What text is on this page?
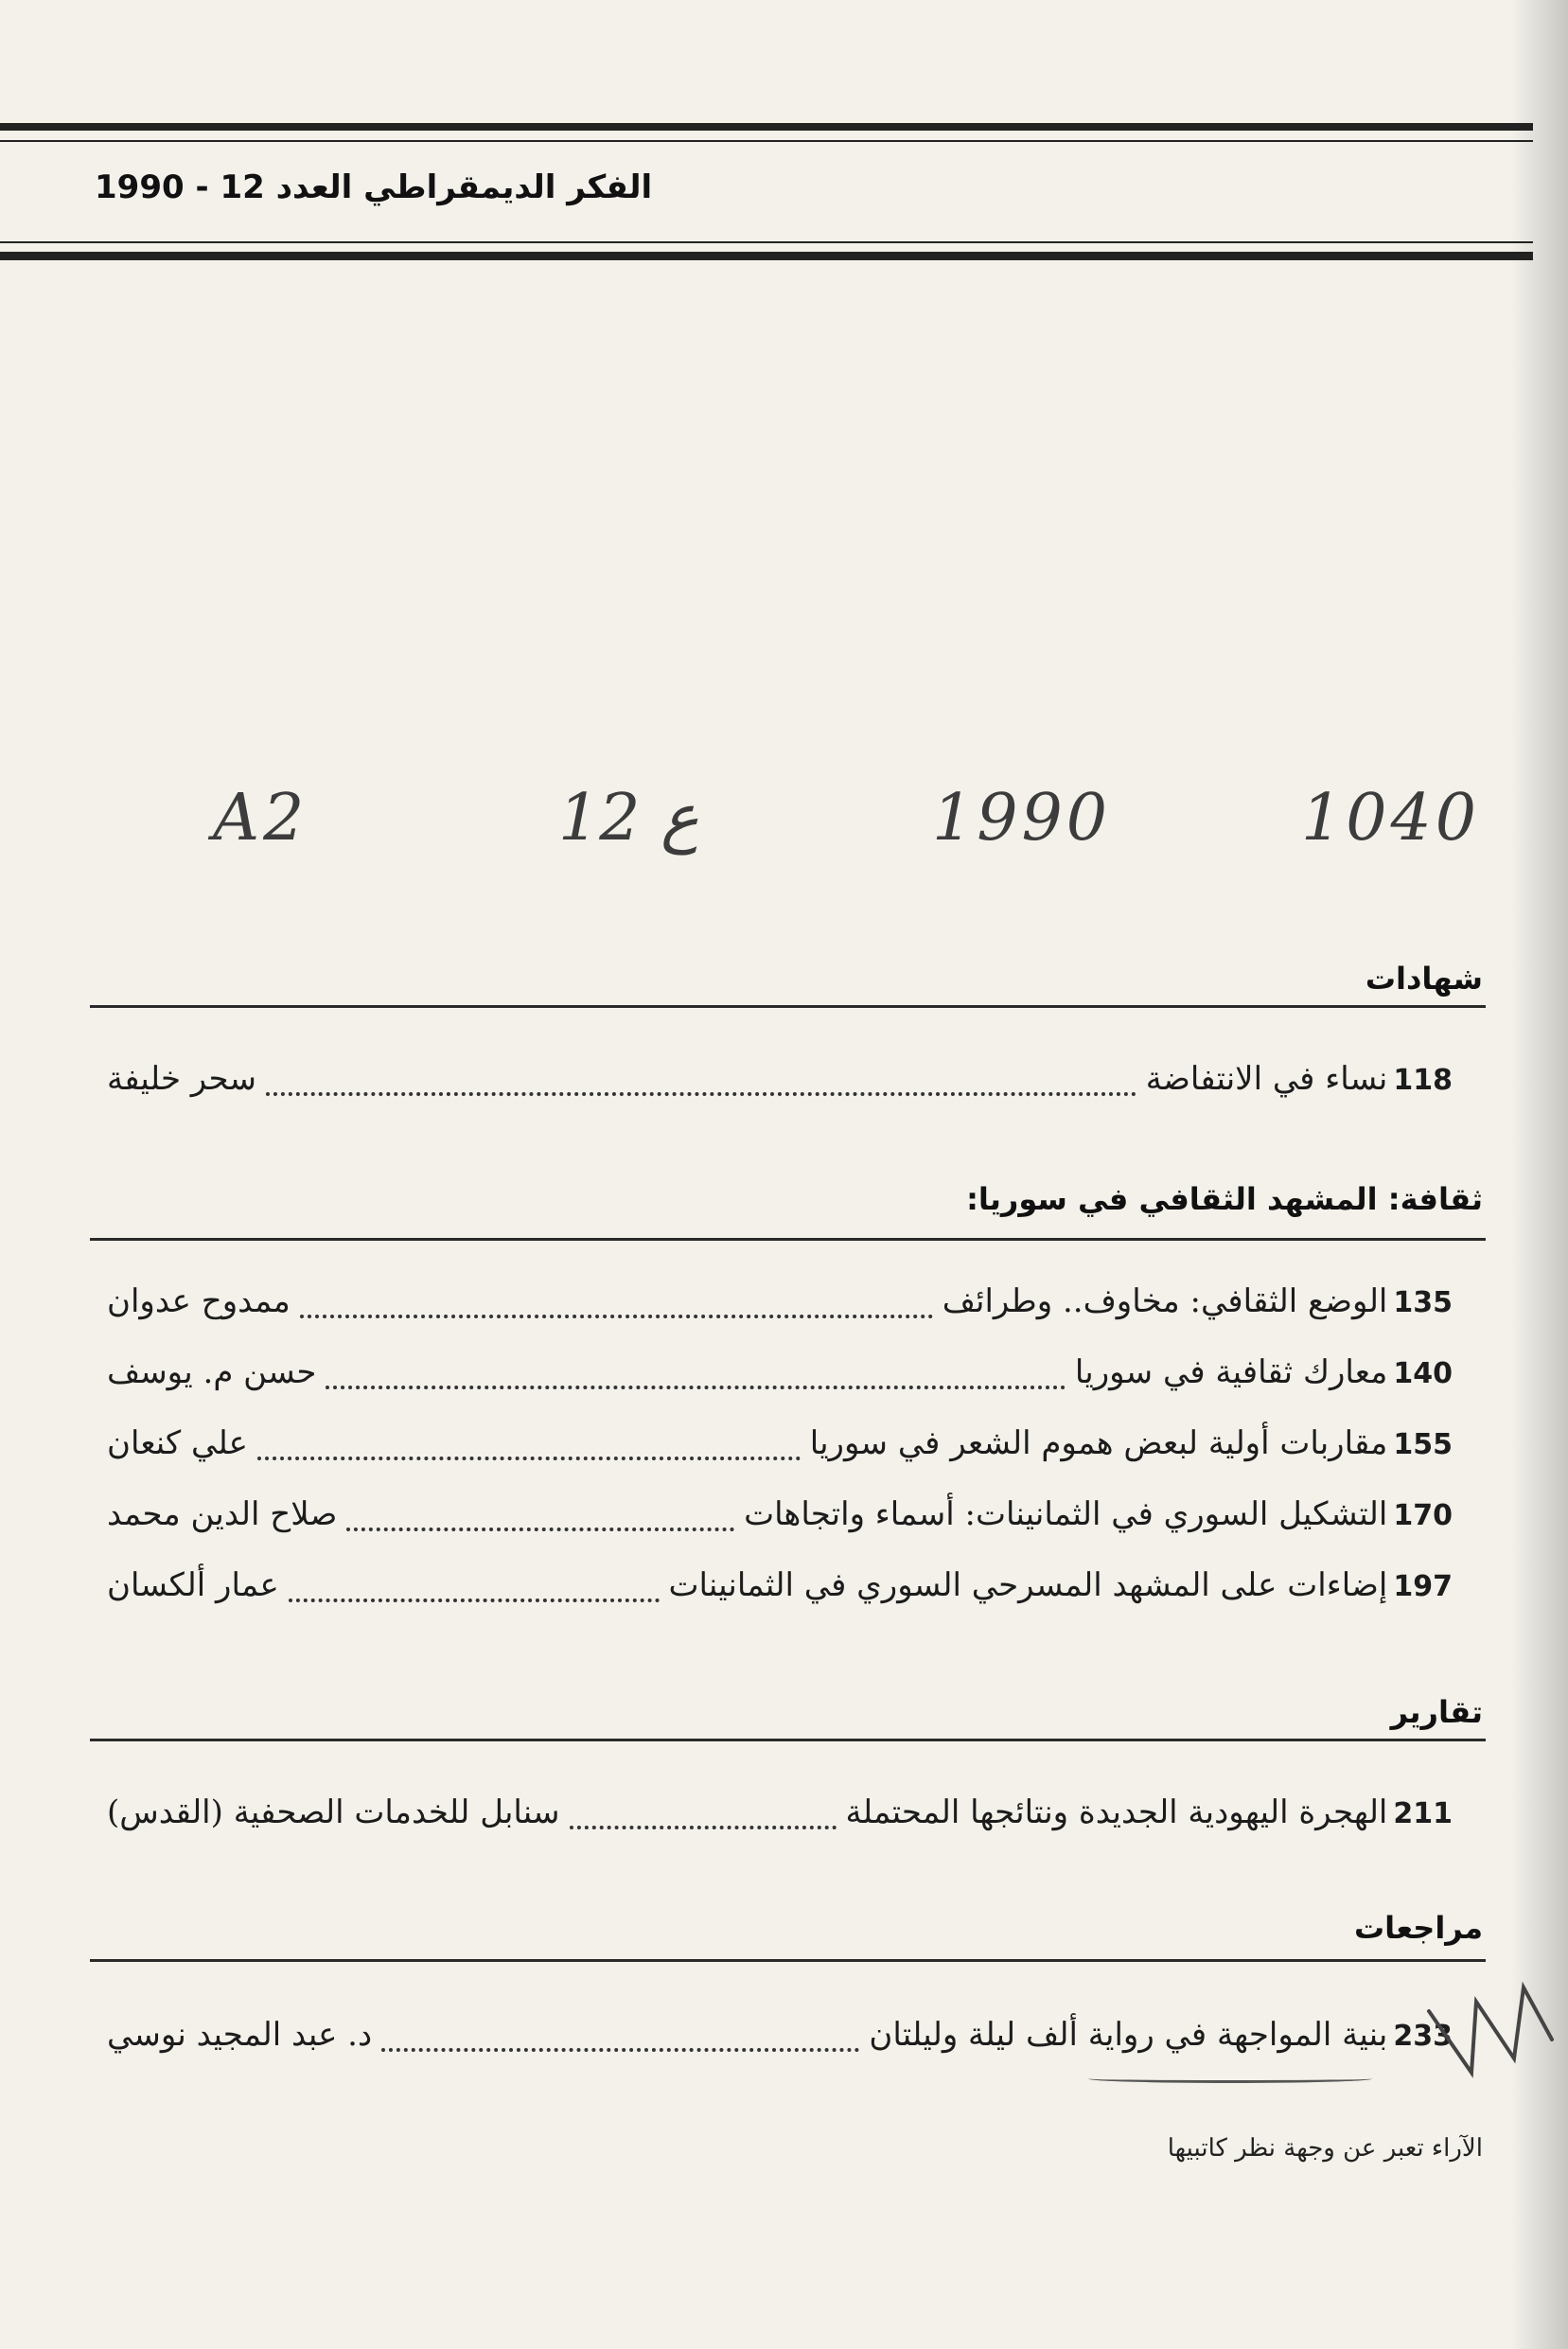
الفكر الديمقراطي العدد 12 - 1990
A2	12 ع	1990	1040
شهادات
سحر خليفة	نساء في الانتفاضة 118
ثقافة: المشهد الثقافي في سوريا:
ممدوح عدوان	الوضع الثقافي: مخاوف.. وطرائف 135
حسن م. يوسف	معارك ثقافية في سوريا 140
علي كنعان	مقاربات أولية لبعض هموم الشعر في سوريا 155
صلاح الدين محمد	التشكيل السوري في الثمانينات: أسماء واتجاهات 170
عمار ألكسان	إضاءات على المشهد المسرحي السوري في الثمانينات 197
تقارير
سنابل للخدمات الصحفية (القدس)	الهجرة اليهودية الجديدة ونتائجها المحتملة 211
مراجعات
د. عبد المجيد نوسي	بنية المواجهة في رواية ألف ليلة وليلتان 233
الآراء تعبر عن وجهة نظر كاتبيها
